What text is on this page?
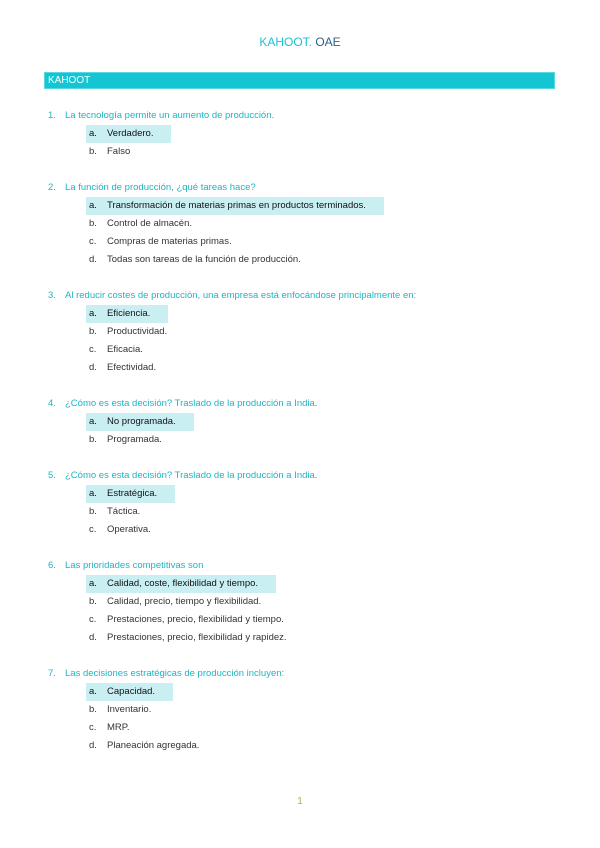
KAHOOT. OAE
KAHOOT
1. La tecnología permite un aumento de producción.
a.	Verdadero.
b.	Falso
2. La función de producción, ¿qué tareas hace?
a.	Transformación de materias primas en productos terminados.
b.	Control de almacén.
c.	Compras de materias primas.
d.	Todas son tareas de la función de producción.
3. Al reducir costes de producción, una empresa está enfocándose principalmente en:
a.	Eficiencia.
b.	Productividad.
c.	Eficacia.
d.	Efectividad.
4. ¿Cómo es esta decisión? Traslado de la producción a India.
a.	No programada.
b.	Programada.
5. ¿Cómo es esta decisión? Traslado de la producción a India.
a.	Estratégica.
b.	Táctica.
c.	Operativa.
6. Las prioridades competitivas son
a.	Calidad, coste, flexibilidad y tiempo.
b.	Calidad, precio, tiempo y flexibilidad.
c.	Prestaciones, precio, flexibilidad y tiempo.
d.	Prestaciones, precio, flexibilidad y rapidez.
7. Las decisiones estratégicas de producción incluyen:
a.	Capacidad.
b.	Inventario.
c.	MRP.
d.	Planeación agregada.
1
